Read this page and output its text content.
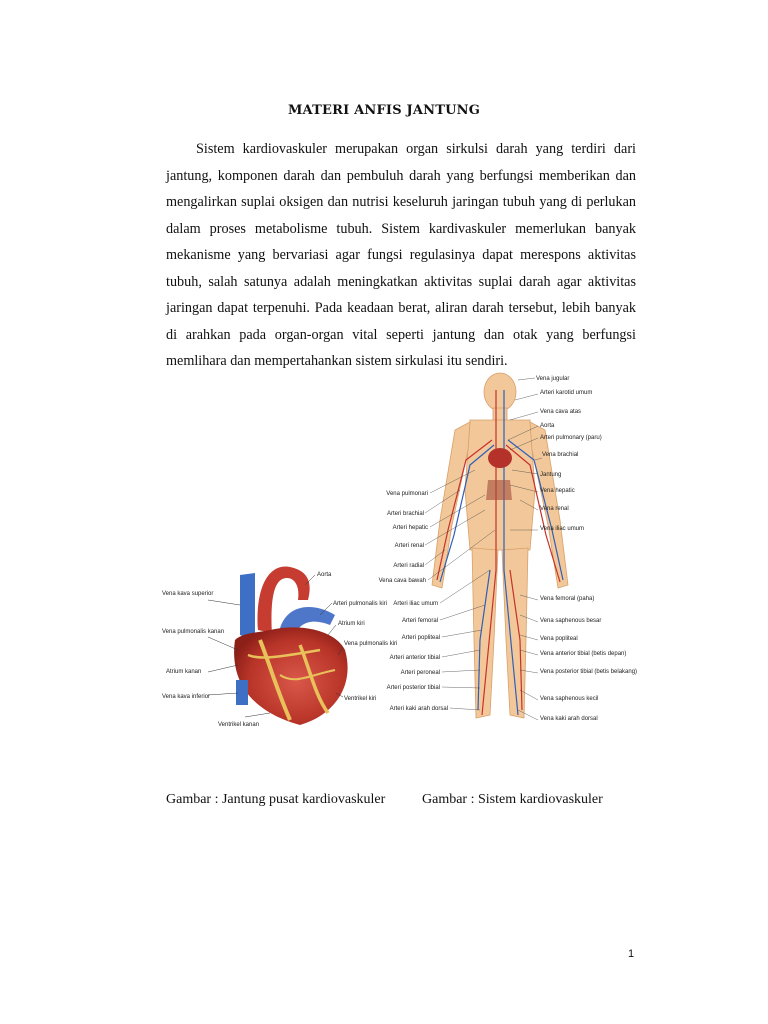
MATERI ANFIS JANTUNG

Sistem kardiovaskuler merupakan organ sirkulsi darah yang terdiri dari jantung, komponen darah dan pembuluh darah yang berfungsi memberikan dan mengalirkan suplai oksigen dan nutrisi keseluruh jaringan tubuh yang di perlukan dalam proses metabolisme tubuh. Sistem kardivaskuler memerlukan banyak mekanisme yang bervariasi agar fungsi regulasinya dapat merespons aktivitas tubuh, salah satunya adalah meningkatkan aktivitas suplai darah agar aktivitas jaringan dapat terpenuhi. Pada keadaan berat, aliran darah tersebut, lebih banyak di arahkan pada organ-organ vital seperti jantung dan otak yang berfungsi memlihara dan mempertahankan sistem sirkulasi itu sendiri.

Vena kava superior
Vena pulmonalis kanan
Atrium kanan
Vena kava inferior
Aorta
Arteri pulmonalis kiri
Atrium kiri
Vena pulmonalis kiri
Ventrikel kiri
Ventrikel kanan
Vena jugular
Arteri karotid umum
Vena cava atas
Aorta
Arteri pulmonary (paru)
Vena brachial
Jantung
Vena hepatic
Vena renal
Vena iliac umum
Vena femoral (paha)
Vena saphenous besar
Vena popliteal
Vena anterior tibial (betis depan)
Vena posterior tibial (betis belakang)
Vena saphenous kecil
Vena kaki arah dorsal
Vena pulmonari
Arteri brachial
Arteri hepatic
Arteri renal
Arteri radial
Vena cava bawah
Arteri iliac umum
Arteri femoral
Arteri popliteal
Arteri anterior tibial
Arteri peroneal
Arteri posterior tibial
Arteri kaki arah dorsal
Gambar : Jantung pusat kardiovaskuler	Gambar : Sistem kardiovaskuler
1
